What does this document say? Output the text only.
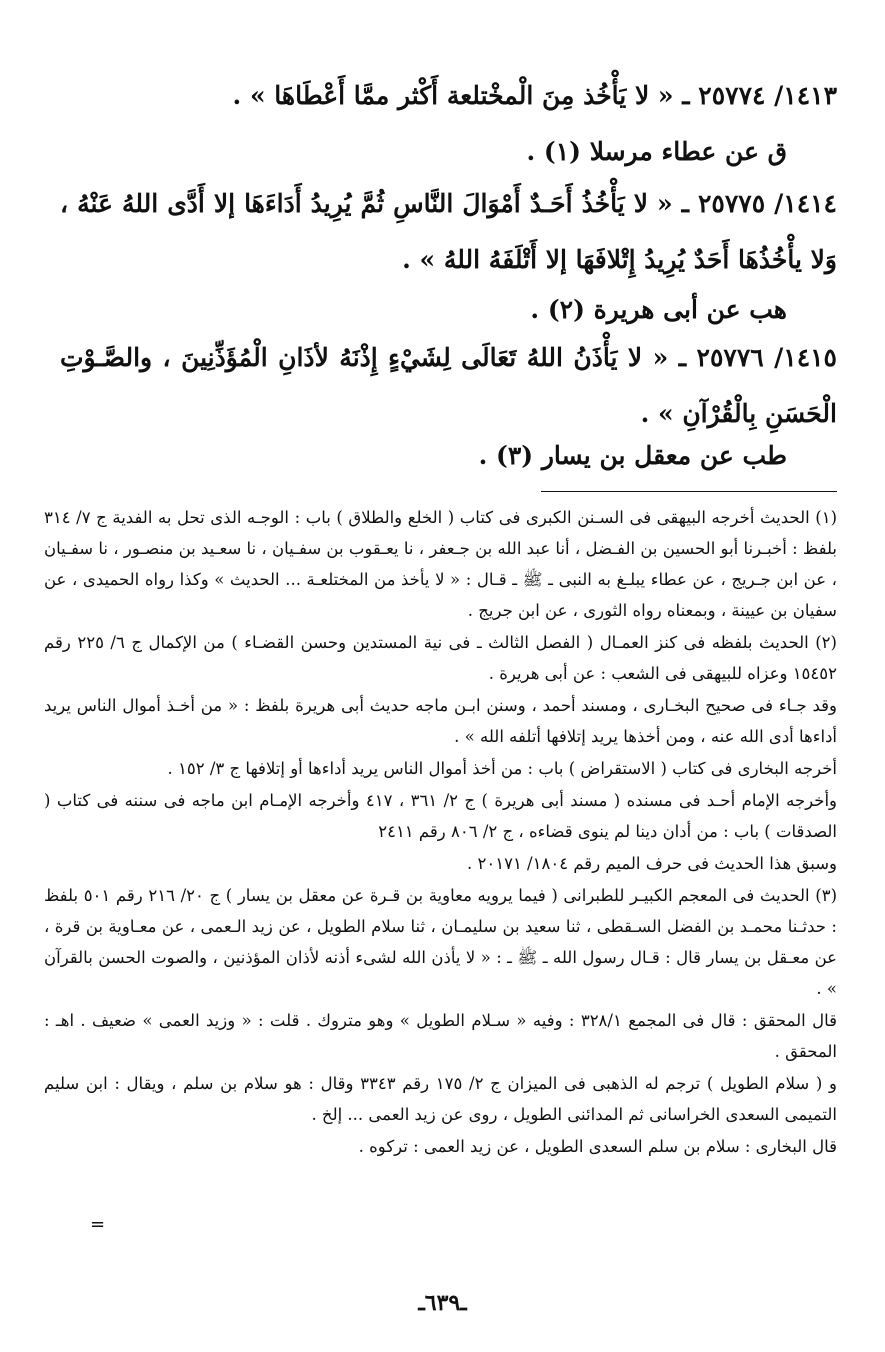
١٤١٣/ ٢٥٧٧٤ ـ « لا يَأْخُذ مِنَ الْمخْتلعة أَكْثر ممَّا أَعْطَاهَا » .
ق عن عطاء مرسلا (١) .
١٤١٤/ ٢٥٧٧٥ ـ « لا يَأْخُذُ أَحَـدٌ أَمْوَالَ النَّاسِ ثُمَّ يُرِيدُ أَدَاءَهَا إلا أَدَّى اللهُ عَنْهُ ، وَلا يأْخُذُهَا أَحَدٌ يُرِيدُ إِتْلافَهَا إلا أَتْلَفَهُ اللهُ » .
هب عن أبى هريرة (٢) .
١٤١٥/ ٢٥٧٧٦ ـ « لا يَأْذَنُ اللهُ تَعَالَى لِشَيْءٍ إِذْنَهُ لأذَانِ الْمُؤَذِّنِينَ ، والصَّـوْتِ الْحَسَنِ بِالْقُرْآنِ » .
طب عن معقل بن يسار (٣) .

(١) الحديث أخرجه البيهقى فى السـنن الكبرى فى كتاب ( الخلع والطلاق ) باب : الوجـه الذى تحل به الفدية ج ٧/ ٣١٤ بلفظ : أخبـرنا أبو الحسين بن الفـضل ، أنا عبد الله بن جـعفر ، نا يعـقوب بن سفـيان ، نا سعـيد بن منصـور ، نا سفـيان ، عن ابن جـريج ، عن عطاء يبلـغ به النبى ـ ﷺ ـ قـال : « لا يأخذ من المختلعـة ... الحديث » وكذا رواه الحميدى ، عن سفيان بن عيينة ، وبمعناه رواه الثورى ، عن ابن جريج .

(٢) الحديث بلفظه فى كنز العمـال ( الفصل الثالث ـ فى نية المستدين وحسن القضـاء ) من الإكمال ج ٦/ ٢٢٥ رقم ١٥٤٥٢ وعزاه للبيهقى فى الشعب : عن أبى هريرة .

وقد جـاء فى صحيح البخـارى ، ومسند أحمد ، وسنن ابـن ماجه حديث أبى هريرة بلفظ : « من أخـذ أموال الناس يريد أداءها أدى الله عنه ، ومن أخذها يريد إتلافها أتلفه الله » .

أخرجه البخارى فى كتاب ( الاستقراض ) باب : من أخذ أموال الناس يريد أداءها أو إتلافها ج ٣/ ١٥٢ .

وأخرجه الإمام أحـد فى مسنده ( مسند أبى هريرة ) ج ٢/ ٣٦١ ، ٤١٧ وأخرجه الإمـام ابن ماجه فى سننه فى كتاب ( الصدقات ) باب : من أدان دينا لم ينوى قضاءه ، ج ٢/ ٨٠٦ رقم ٢٤١١

وسبق هذا الحديث فى حرف الميم رقم ١٨٠٤/ ٢٠١٧١ .

(٣) الحديث فى المعجم الكبيـر للطبرانى ( فيما يرويه معاوية بن قـرة عن معقل بن يسار ) ج ٢٠/ ٢١٦ رقم ٥٠١ بلفظ : حدثـنا محمـد بن الفضل السـقطى ، ثنا سعيد بن سليمـان ، ثنا سلام الطويل ، عن زيد الـعمى ، عن معـاوية بن قرة ، عن معـقل بن يسار قال : قـال رسول الله ـ ﷺ ـ : « لا يأذن الله لشىء أذنه لأذان المؤذنين ، والصوت الحسن بالقرآن » .

قال المحقق : قال فى المجمع ٣٢٨/١ : وفيه « سـلام الطويل » وهو متروك . قلت : « وزيد العمى » ضعيف . اهـ : المحقق .

و ( سلام الطويل ) ترجم له الذهبى فى الميزان ج ٢/ ١٧٥ رقم ٣٣٤٣ وقال : هو سلام بن سلم ، ويقال : ابن سليم التميمى السعدى الخراسانى ثم المدائنى الطويل ، روى عن زيد العمى ... إلخ .

قال البخارى : سلام بن سلم السعدى الطويل ، عن زيد العمى : تركوه .

=
ـ٦٣٩ـ
